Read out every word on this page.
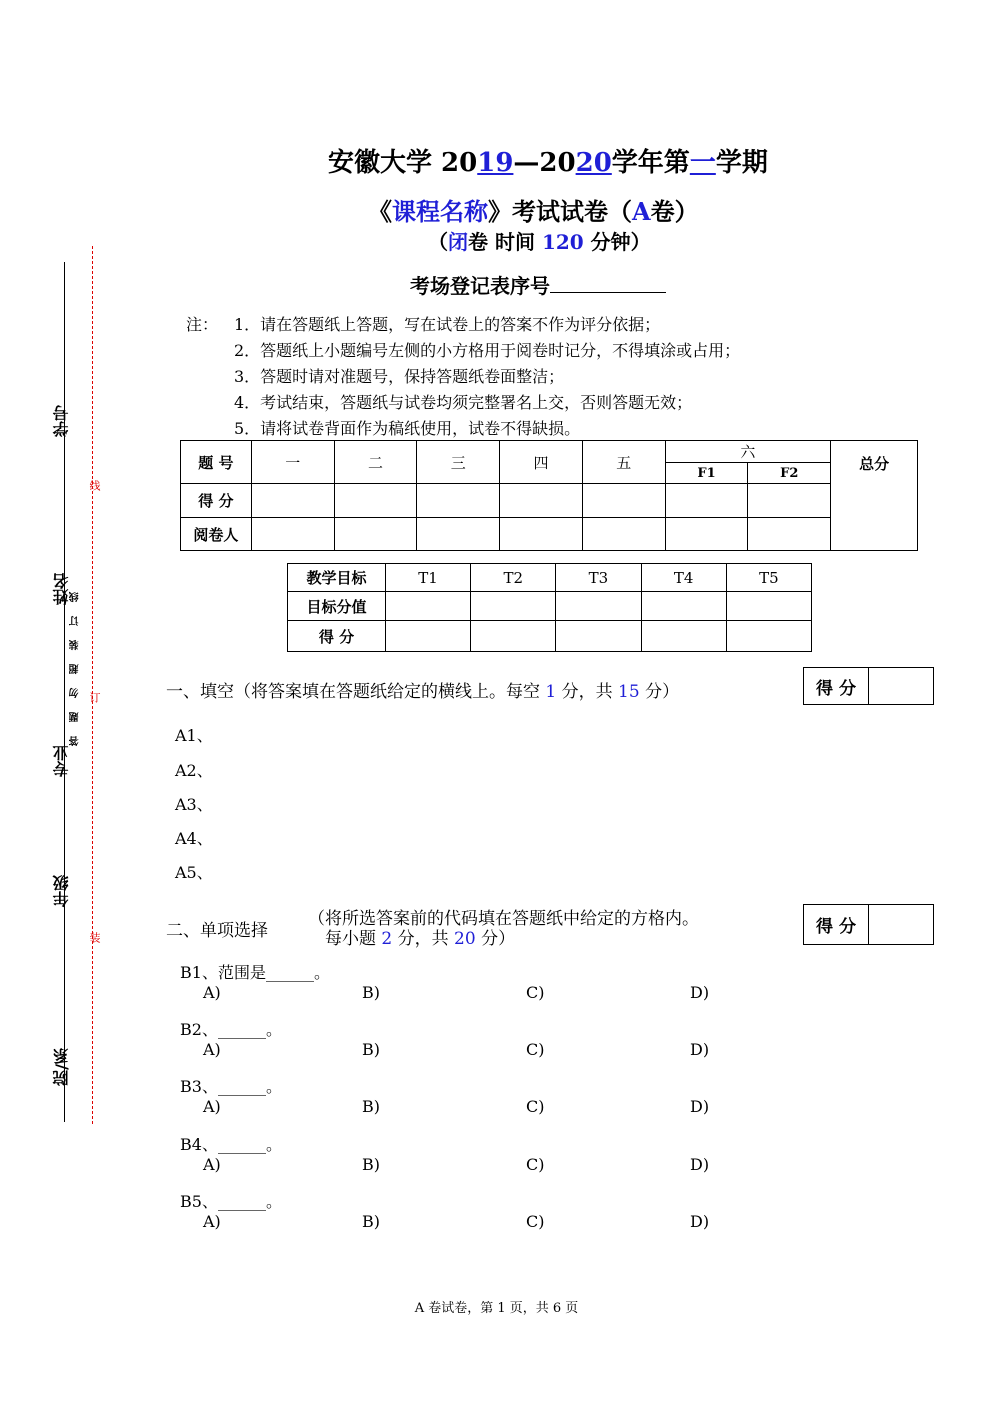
学号
姓名
专业
年级
院/系
线
订
装
答题勿超装订线
安徽大学 2019—2020学年第一学期
《课程名称》考试试卷（A卷）
（闭卷 时间 120 分钟）
考场登记表序号
注： 1．请在答题纸上答题，写在试卷上的答案不作为评分依据；
2．答题纸上小题编号左侧的小方格用于阅卷时记分，不得填涂或占用；
3．答题时请对准题号，保持答题纸卷面整洁；
4．考试结束，答题纸与试卷均须完整署名上交，否则答题无效；
5．请将试卷背面作为稿纸使用，试卷不得缺损。
题 号	一	二	三	四	五	六		总分
						F1	F2	
得 分								
阅卷人								
教学目标	T1	T2	T3	T4	T5
目标分值					
得 分					
一、填空（将答案填在答题纸给定的横线上。每空 1 分，共 15 分）	得 分	
A1、
A2、
A3、
A4、
A5、
二、单项选择
（将所选答案前的代码填在答题纸中给定的方格内。
每小题 2 分，共 20 分）
得 分	
B1、范围是______。
A)	B)	C)	D)
B2、______。
A)	B)	C)	D)
B3、______。
A)	B)	C)	D)
B4、______。
A)	B)	C)	D)
B5、______。
A)	B)	C)	D)
A 卷试卷，第 1 页，共 6 页
